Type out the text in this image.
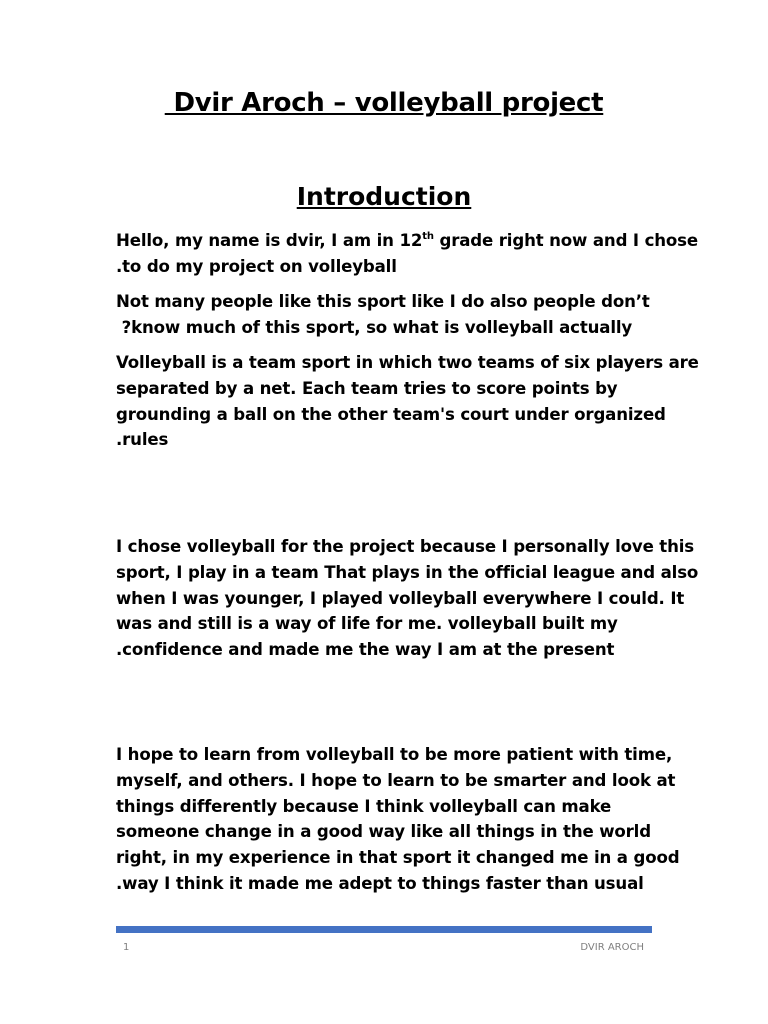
Dvir Aroch – volleyball project
Introduction
Hello, my name is dvir, I am in 12th grade right now and I chose
.to do my project on volleyball
Not many people like this sport like I do also people don’t
?know much of this sport, so what is volleyball actually
Volleyball is a team sport in which two teams of six players are
separated by a net. Each team tries to score points by
grounding a ball on the other team's court under organized
.rules
I chose volleyball for the project because I personally love this
sport, I play in a team That plays in the official league and also
when I was younger, I played volleyball everywhere I could. It
was and still is a way of life for me. volleyball built my
.confidence and made me the way I am at the present
I hope to learn from volleyball to be more patient with time,
myself, and others. I hope to learn to be smarter and look at
things differently because I think volleyball can make
someone change in a good way like all things in the world
right, in my experience in that sport it changed me in a good
.way I think it made me adept to things faster than usual
1	DVIR AROCH
